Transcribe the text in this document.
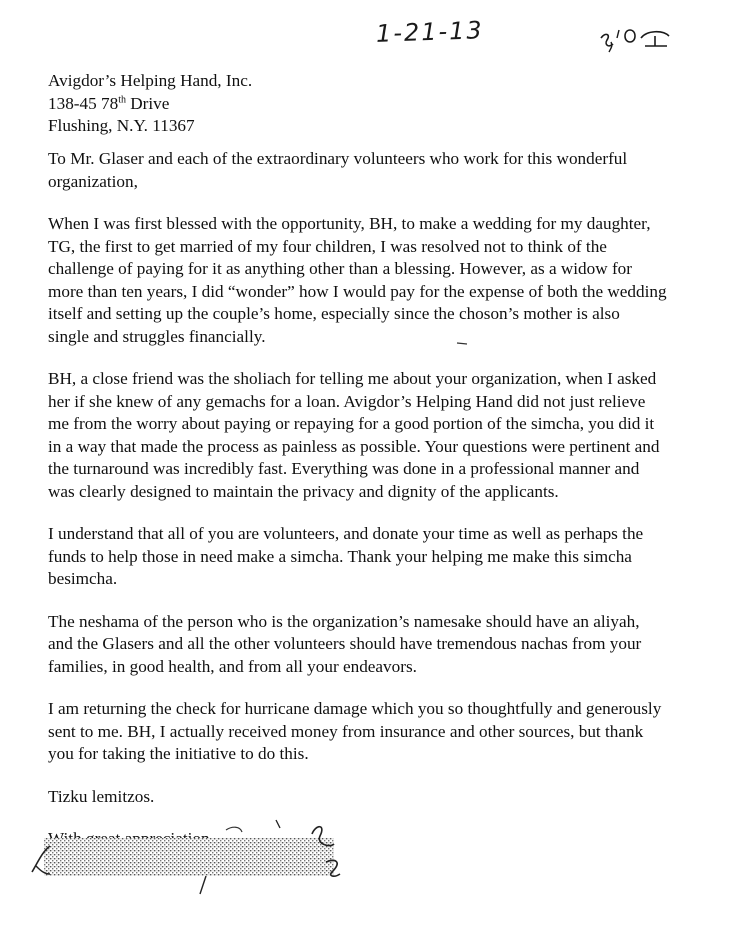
1-21-13
Avigdor’s Helping Hand, Inc.
138-45 78th Drive
Flushing, N.Y. 11367
To Mr. Glaser and each of the extraordinary volunteers who work for this wonderful
organization,
When I was first blessed with the opportunity, BH, to make a wedding for my daughter,
TG, the first to get married of my four children, I was resolved not to think of the
challenge of paying for it as anything other than a blessing. However, as a widow for
more than ten years, I did “wonder” how I would pay for the expense of both the wedding
itself and setting up the couple’s home, especially since the choson’s mother is also
single and struggles financially.
BH, a close friend was the sholiach for telling me about your organization, when I asked
her if she knew of any gemachs for a loan. Avigdor’s Helping Hand did not just relieve
me from the worry about paying or repaying for a good portion of the simcha, you did it
in a way that made the process as painless as possible. Your questions were pertinent and
the turnaround was incredibly fast. Everything was done in a professional manner and
was clearly designed to maintain the privacy and dignity of the applicants.
I understand that all of you are volunteers, and donate your time as well as perhaps the
funds to help those in need make a simcha. Thank your helping me make this simcha
besimcha.
The neshama of the person who is the organization’s namesake should have an aliyah,
and the Glasers and all the other volunteers should have tremendous nachas from your
families, in good health, and from all your endeavors.
I am returning the check for hurricane damage which you so thoughtfully and generously
sent to me. BH, I actually received money from insurance and other sources, but thank
you for taking the initiative to do this.
Tizku lemitzos.
